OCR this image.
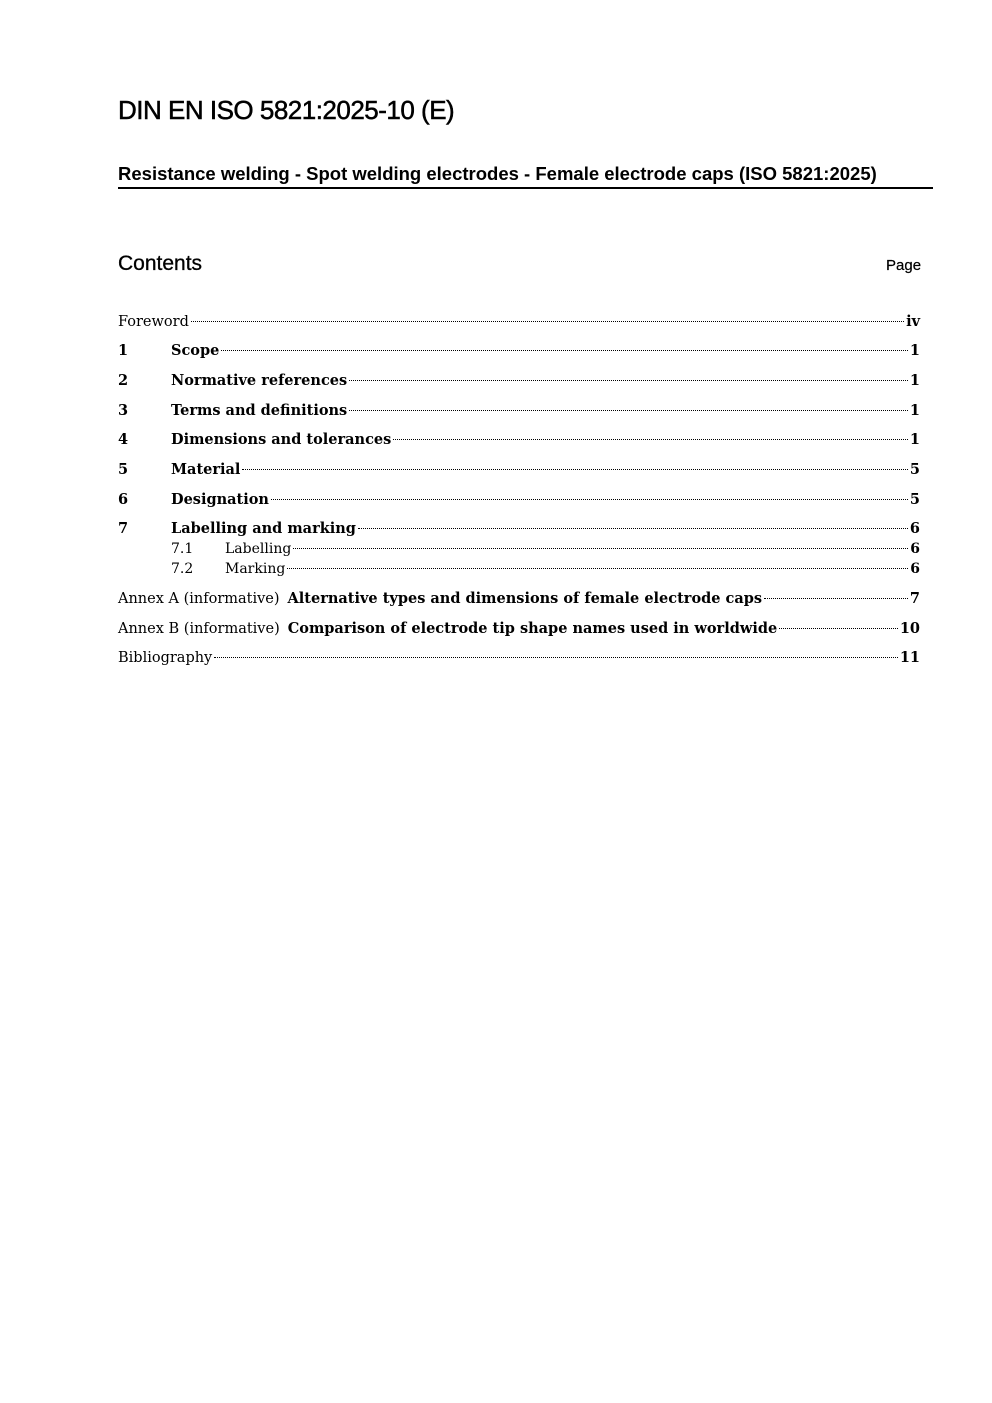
DIN EN ISO 5821:2025-10 (E)
Resistance welding - Spot welding electrodes - Female electrode caps (ISO 5821:2025)
Contents	Page
Foreword	iv
1	Scope	1
2	Normative references	1
3	Terms and definitions	1
4	Dimensions and tolerances	1
5	Material	5
6	Designation	5
7	Labelling and marking	6
7.1	Labelling	6
7.2	Marking	6
Annex A (informative) Alternative types and dimensions of female electrode caps	7
Annex B (informative) Comparison of electrode tip shape names used in worldwide	10
Bibliography	11
